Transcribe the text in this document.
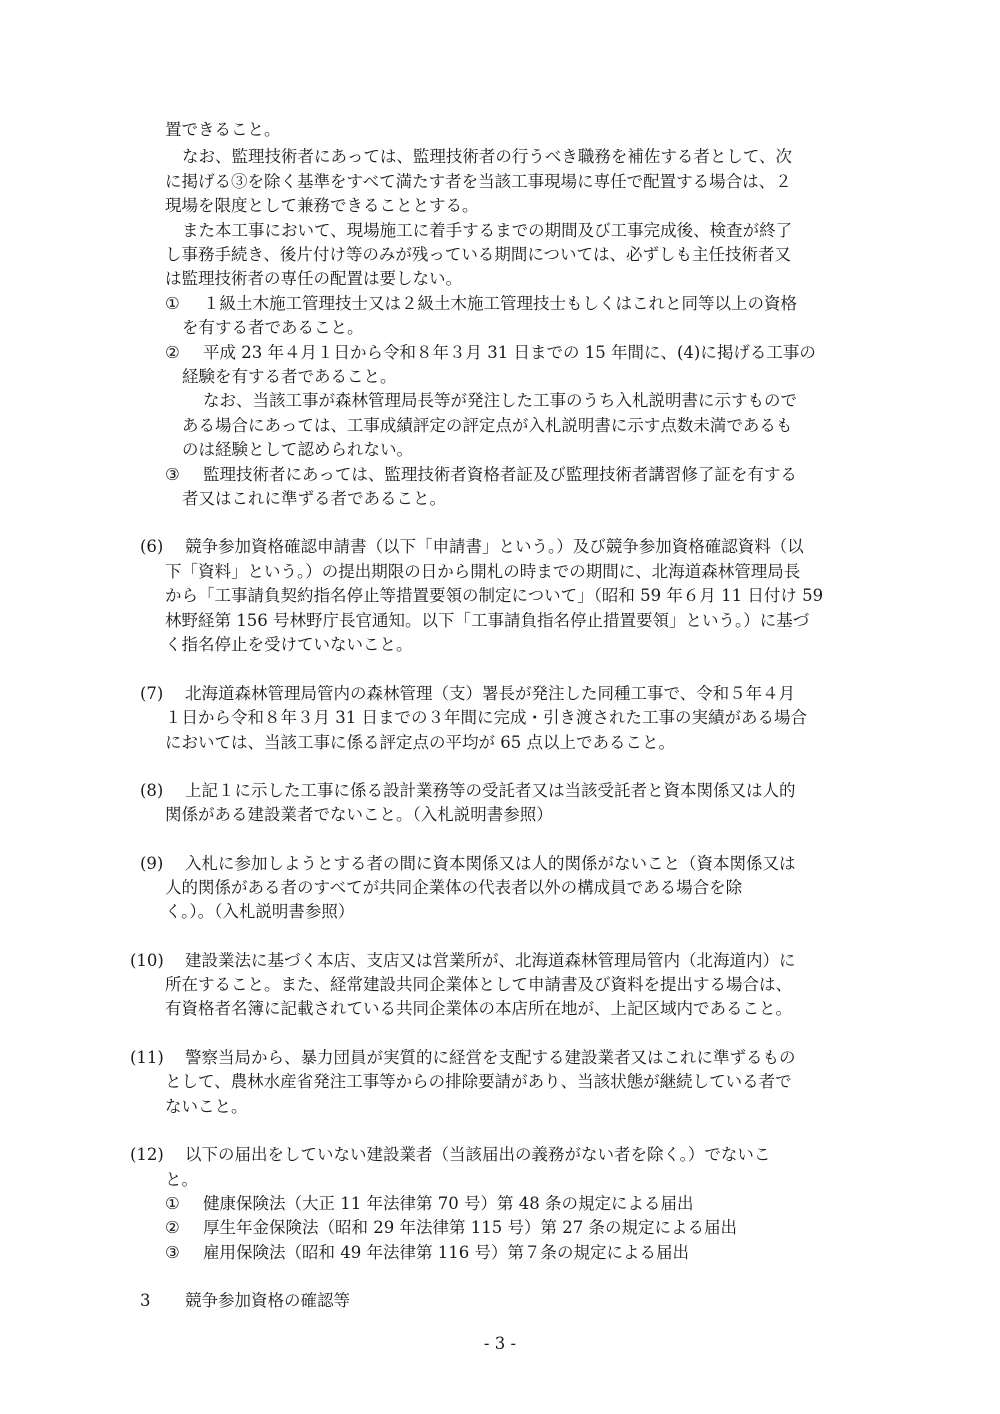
置できること。
なお、監理技術者にあっては、監理技術者の行うべき職務を補佐する者として、次
に掲げる③を除く基準をすべて満たす者を当該工事現場に専任で配置する場合は、２
現場を限度として兼務できることとする。
また本工事において、現場施工に着手するまでの期間及び工事完成後、検査が終了
し事務手続き、後片付け等のみが残っている期間については、必ずしも主任技術者又
は監理技術者の専任の配置は要しない。
① １級土木施工管理技士又は２級土木施工管理技士もしくはこれと同等以上の資格
を有する者であること。
② 平成 23 年４月１日から令和８年３月 31 日までの 15 年間に、(4)に掲げる工事の
経験を有する者であること。
なお、当該工事が森林管理局長等が発注した工事のうち入札説明書に示すもので
ある場合にあっては、工事成績評定の評定点が入札説明書に示す点数未満であるも
のは経験として認められない。
③ 監理技術者にあっては、監理技術者資格者証及び監理技術者講習修了証を有する
者又はこれに準ずる者であること。
(6) 競争参加資格確認申請書（以下「申請書」という。）及び競争参加資格確認資料（以
下「資料」という。）の提出期限の日から開札の時までの期間に、北海道森林管理局長
から「工事請負契約指名停止等措置要領の制定について」（昭和 59 年６月 11 日付け 59
林野経第 156 号林野庁長官通知。以下「工事請負指名停止措置要領」という。）に基づ
く指名停止を受けていないこと。
(7) 北海道森林管理局管内の森林管理（支）署長が発注した同種工事で、令和５年４月
１日から令和８年３月 31 日までの３年間に完成・引き渡された工事の実績がある場合
においては、当該工事に係る評定点の平均が 65 点以上であること。
(8) 上記１に示した工事に係る設計業務等の受託者又は当該受託者と資本関係又は人的
関係がある建設業者でないこと。（入札説明書参照）
(9) 入札に参加しようとする者の間に資本関係又は人的関係がないこと（資本関係又は
人的関係がある者のすべてが共同企業体の代表者以外の構成員である場合を除
く。）。（入札説明書参照）
(10) 建設業法に基づく本店、支店又は営業所が、北海道森林管理局管内（北海道内）に
所在すること。また、経常建設共同企業体として申請書及び資料を提出する場合は、
有資格者名簿に記載されている共同企業体の本店所在地が、上記区域内であること。
(11) 警察当局から、暴力団員が実質的に経営を支配する建設業者又はこれに準ずるもの
として、農林水産省発注工事等からの排除要請があり、当該状態が継続している者で
ないこと。
(12) 以下の届出をしていない建設業者（当該届出の義務がない者を除く。）でないこ
と。
① 健康保険法（大正 11 年法律第 70 号）第 48 条の規定による届出
② 厚生年金保険法（昭和 29 年法律第 115 号）第 27 条の規定による届出
③ 雇用保険法（昭和 49 年法律第 116 号）第７条の規定による届出
3 競争参加資格の確認等
- 3 -
